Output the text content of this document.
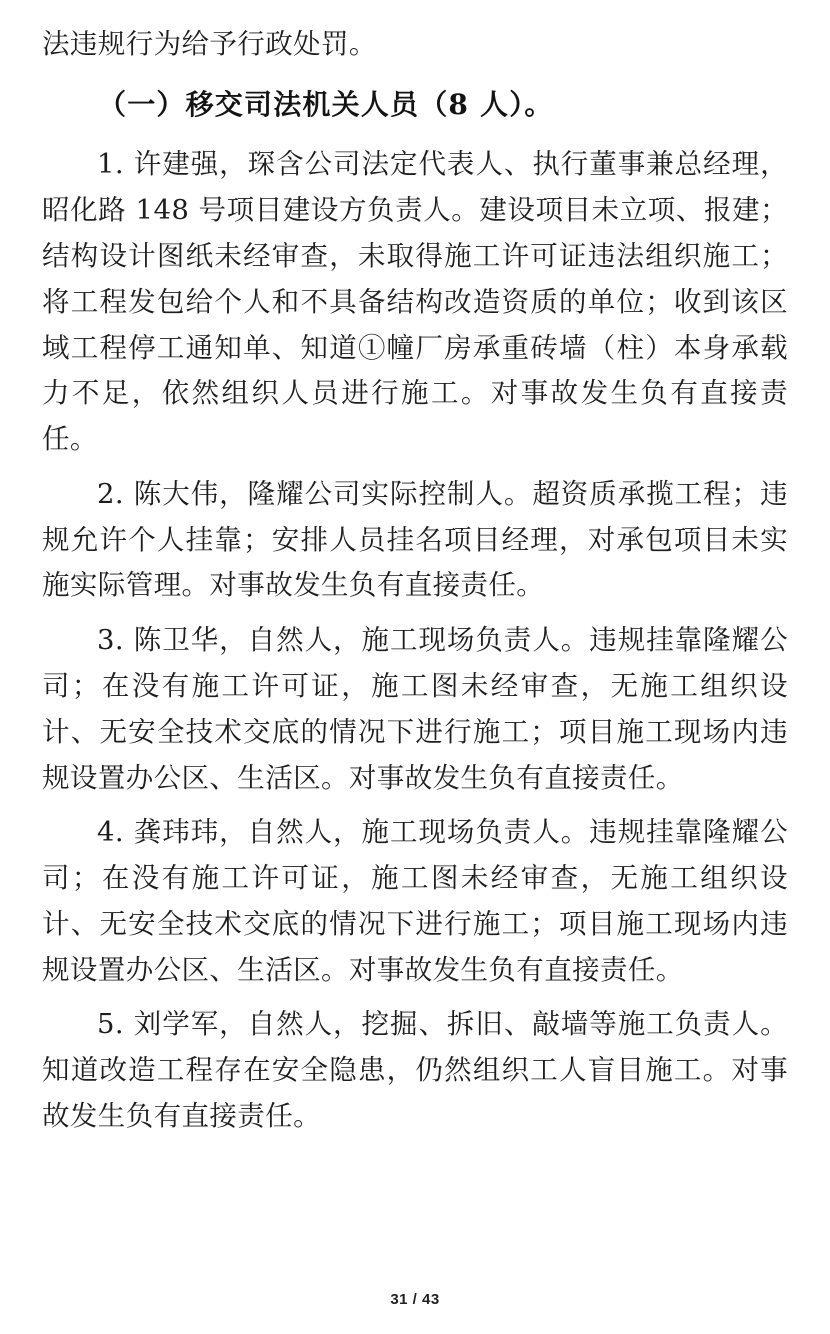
法违规行为给予行政处罚。

（一）移交司法机关人员（8 人）。

1. 许建强，琛含公司法定代表人、执行董事兼总经理，昭化路 148 号项目建设方负责人。建设项目未立项、报建；结构设计图纸未经审查，未取得施工许可证违法组织施工；将工程发包给个人和不具备结构改造资质的单位；收到该区域工程停工通知单、知道①幢厂房承重砖墙（柱）本身承载力不足，依然组织人员进行施工。对事故发生负有直接责任。

2. 陈大伟，隆耀公司实际控制人。超资质承揽工程；违规允许个人挂靠；安排人员挂名项目经理，对承包项目未实施实际管理。对事故发生负有直接责任。

3. 陈卫华，自然人，施工现场负责人。违规挂靠隆耀公司；在没有施工许可证，施工图未经审查，无施工组织设计、无安全技术交底的情况下进行施工；项目施工现场内违规设置办公区、生活区。对事故发生负有直接责任。

4. 龚玮玮，自然人，施工现场负责人。违规挂靠隆耀公司；在没有施工许可证，施工图未经审查，无施工组织设计、无安全技术交底的情况下进行施工；项目施工现场内违规设置办公区、生活区。对事故发生负有直接责任。

5. 刘学军，自然人，挖掘、拆旧、敲墙等施工负责人。知道改造工程存在安全隐患，仍然组织工人盲目施工。对事故发生负有直接责任。

31 / 43
